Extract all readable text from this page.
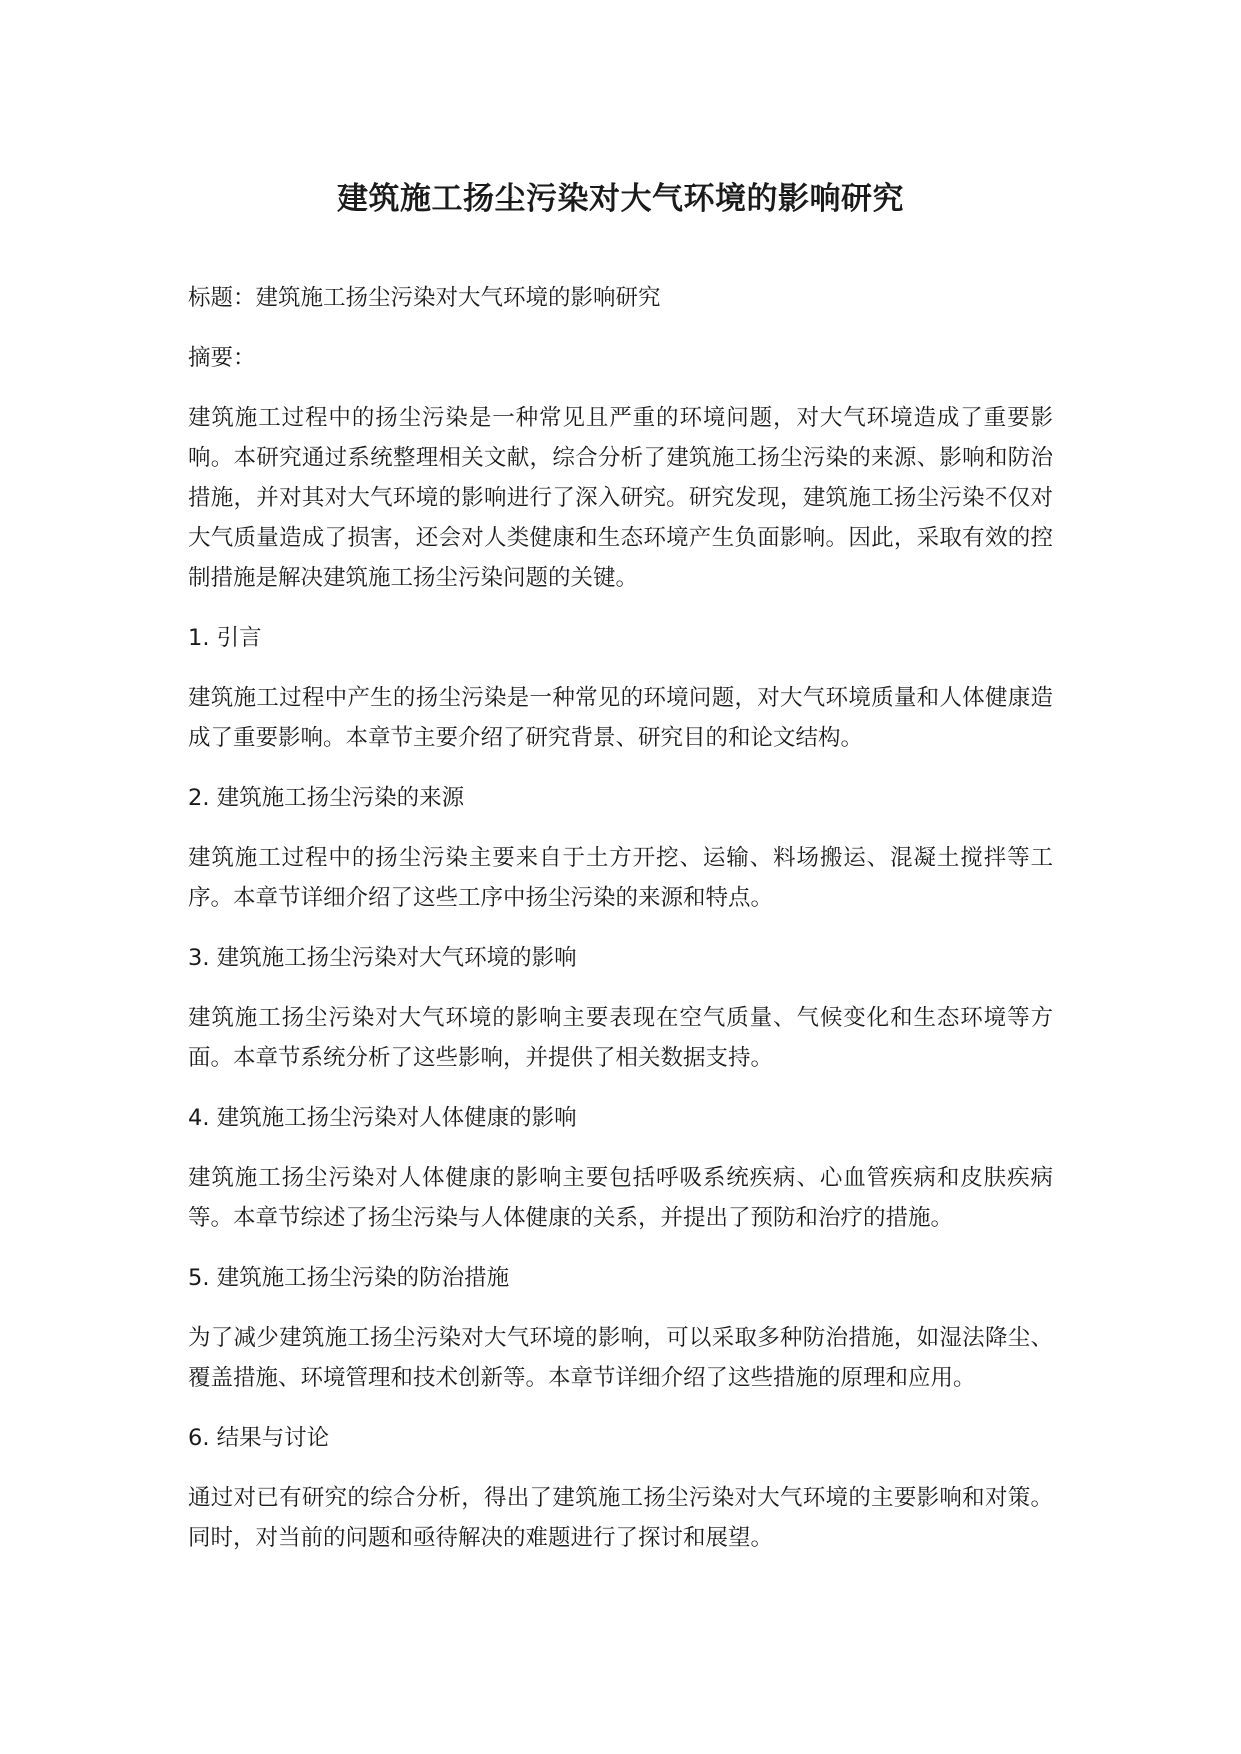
建筑施工扬尘污染对大气环境的影响研究

标题：建筑施工扬尘污染对大气环境的影响研究

摘要：

建筑施工过程中的扬尘污染是一种常见且严重的环境问题，对大气环境造成了重要影响。本研究通过系统整理相关文献，综合分析了建筑施工扬尘污染的来源、影响和防治措施，并对其对大气环境的影响进行了深入研究。研究发现，建筑施工扬尘污染不仅对大气质量造成了损害，还会对人类健康和生态环境产生负面影响。因此，采取有效的控制措施是解决建筑施工扬尘污染问题的关键。

1. 引言

建筑施工过程中产生的扬尘污染是一种常见的环境问题，对大气环境质量和人体健康造成了重要影响。本章节主要介绍了研究背景、研究目的和论文结构。

2. 建筑施工扬尘污染的来源

建筑施工过程中的扬尘污染主要来自于土方开挖、运输、料场搬运、混凝土搅拌等工序。本章节详细介绍了这些工序中扬尘污染的来源和特点。

3. 建筑施工扬尘污染对大气环境的影响

建筑施工扬尘污染对大气环境的影响主要表现在空气质量、气候变化和生态环境等方面。本章节系统分析了这些影响，并提供了相关数据支持。

4. 建筑施工扬尘污染对人体健康的影响

建筑施工扬尘污染对人体健康的影响主要包括呼吸系统疾病、心血管疾病和皮肤疾病等。本章节综述了扬尘污染与人体健康的关系，并提出了预防和治疗的措施。

5. 建筑施工扬尘污染的防治措施

为了减少建筑施工扬尘污染对大气环境的影响，可以采取多种防治措施，如湿法降尘、覆盖措施、环境管理和技术创新等。本章节详细介绍了这些措施的原理和应用。

6. 结果与讨论

通过对已有研究的综合分析，得出了建筑施工扬尘污染对大气环境的主要影响和对策。同时，对当前的问题和亟待解决的难题进行了探讨和展望。
